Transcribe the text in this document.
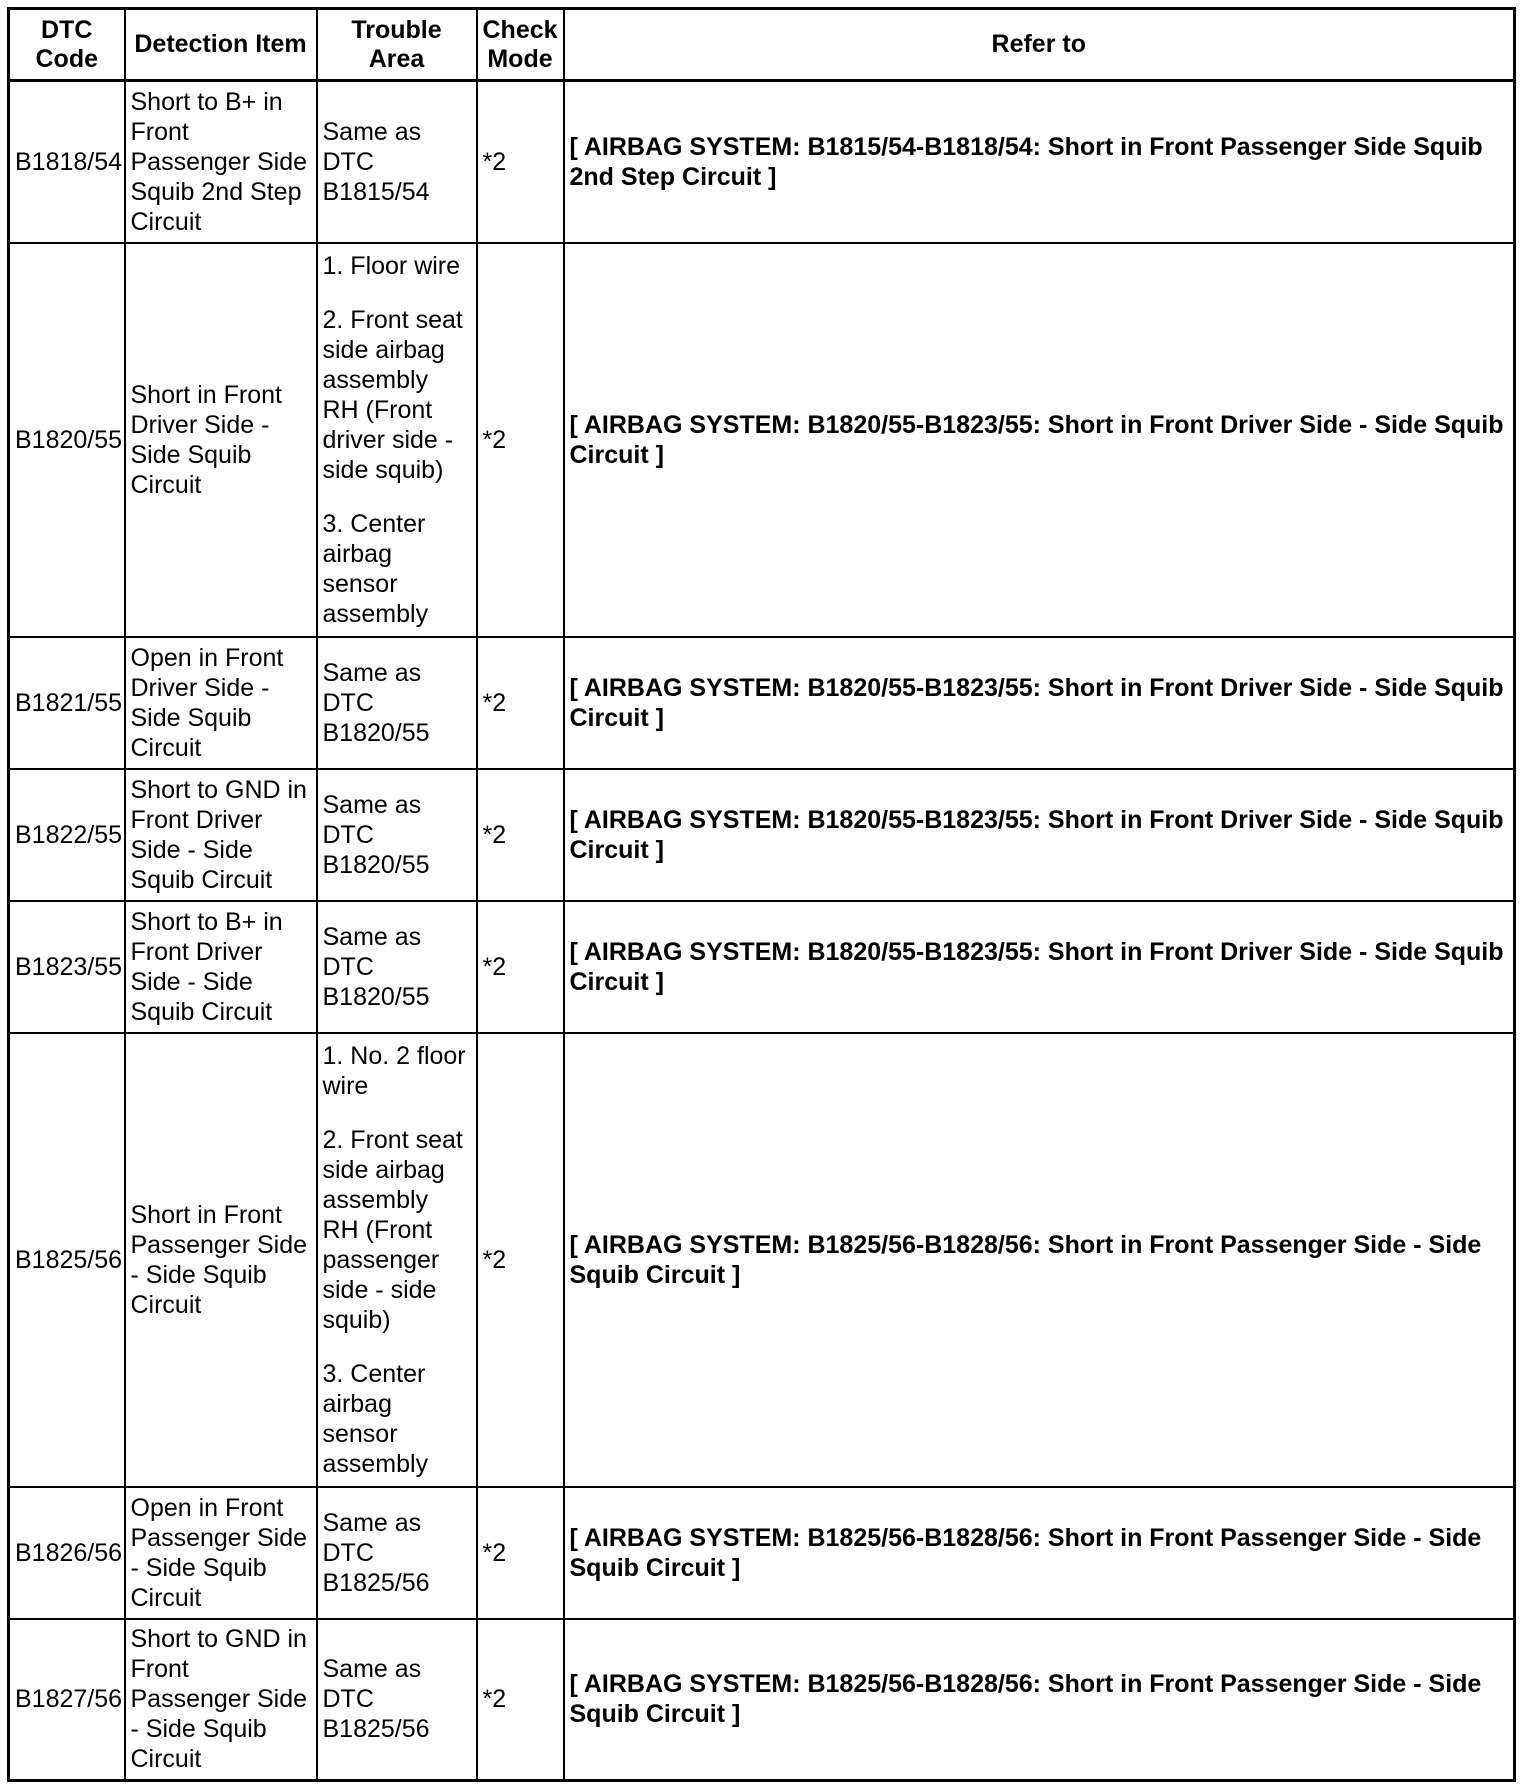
DTC Code	Detection Item	Trouble Area	Check Mode	Refer to
B1818/54	Short to B+ in Front Passenger Side Squib 2nd Step Circuit	Same as DTC B1815/54	*2	[ AIRBAG SYSTEM: B1815/54-B1818/54: Short in Front Passenger Side Squib 2nd Step Circuit ]
B1820/55	Short in Front Driver Side - Side Squib Circuit	1. Floor wire
2. Front seat side airbag assembly RH (Front driver side - side squib)
3. Center airbag sensor assembly	*2	[ AIRBAG SYSTEM: B1820/55-B1823/55: Short in Front Driver Side - Side Squib Circuit ]
B1821/55	Open in Front Driver Side - Side Squib Circuit	Same as DTC B1820/55	*2	[ AIRBAG SYSTEM: B1820/55-B1823/55: Short in Front Driver Side - Side Squib Circuit ]
B1822/55	Short to GND in Front Driver Side - Side Squib Circuit	Same as DTC B1820/55	*2	[ AIRBAG SYSTEM: B1820/55-B1823/55: Short in Front Driver Side - Side Squib Circuit ]
B1823/55	Short to B+ in Front Driver Side - Side Squib Circuit	Same as DTC B1820/55	*2	[ AIRBAG SYSTEM: B1820/55-B1823/55: Short in Front Driver Side - Side Squib Circuit ]
B1825/56	Short in Front Passenger Side - Side Squib Circuit	1. No. 2 floor wire
2. Front seat side airbag assembly RH (Front passenger side - side squib)
3. Center airbag sensor assembly	*2	[ AIRBAG SYSTEM: B1825/56-B1828/56: Short in Front Passenger Side - Side Squib Circuit ]
B1826/56	Open in Front Passenger Side - Side Squib Circuit	Same as DTC B1825/56	*2	[ AIRBAG SYSTEM: B1825/56-B1828/56: Short in Front Passenger Side - Side Squib Circuit ]
B1827/56	Short to GND in Front Passenger Side - Side Squib Circuit	Same as DTC B1825/56	*2	[ AIRBAG SYSTEM: B1825/56-B1828/56: Short in Front Passenger Side - Side Squib Circuit ]
